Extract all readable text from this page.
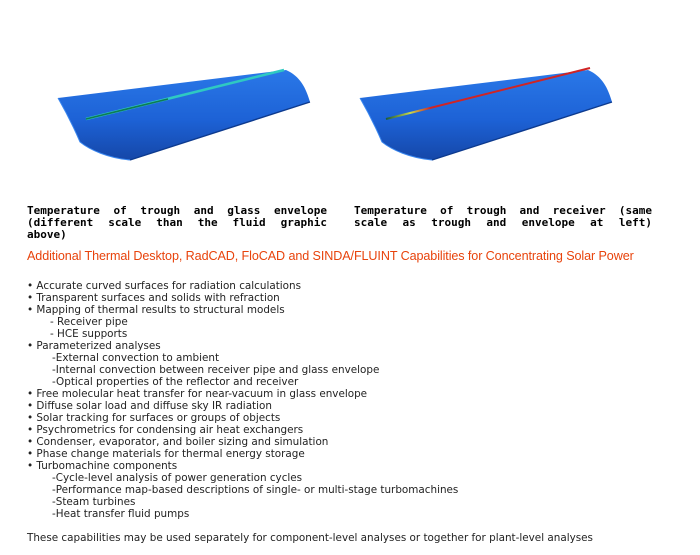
Temperature of trough and glass envelope
(different scale than the fluid graphic above)
Temperature of trough and receiver (same
scale as trough and envelope at left)
Additional Thermal Desktop, RadCAD, FloCAD and SINDA/FLUINT Capabilities for Concentrating Solar Power
• Accurate curved surfaces for radiation calculations
• Transparent surfaces and solids with refraction
• Mapping of thermal results to structural models
- Receiver pipe
- HCE supports
• Parameterized analyses
-External convection to ambient
-Internal convection between receiver pipe and glass envelope
-Optical properties of the reflector and receiver
• Free molecular heat transfer for near-vacuum in glass envelope
• Diffuse solar load and diffuse sky IR radiation
• Solar tracking for surfaces or groups of objects
• Psychrometrics for condensing air heat exchangers
• Condenser, evaporator, and boiler sizing and simulation
• Phase change materials for thermal energy storage
• Turbomachine components
-Cycle-level analysis of power generation cycles
-Performance map-based descriptions of single- or multi-stage turbomachines
-Steam turbines
-Heat transfer fluid pumps
These capabilities may be used separately for component-level analyses or together for plant-level analyses
